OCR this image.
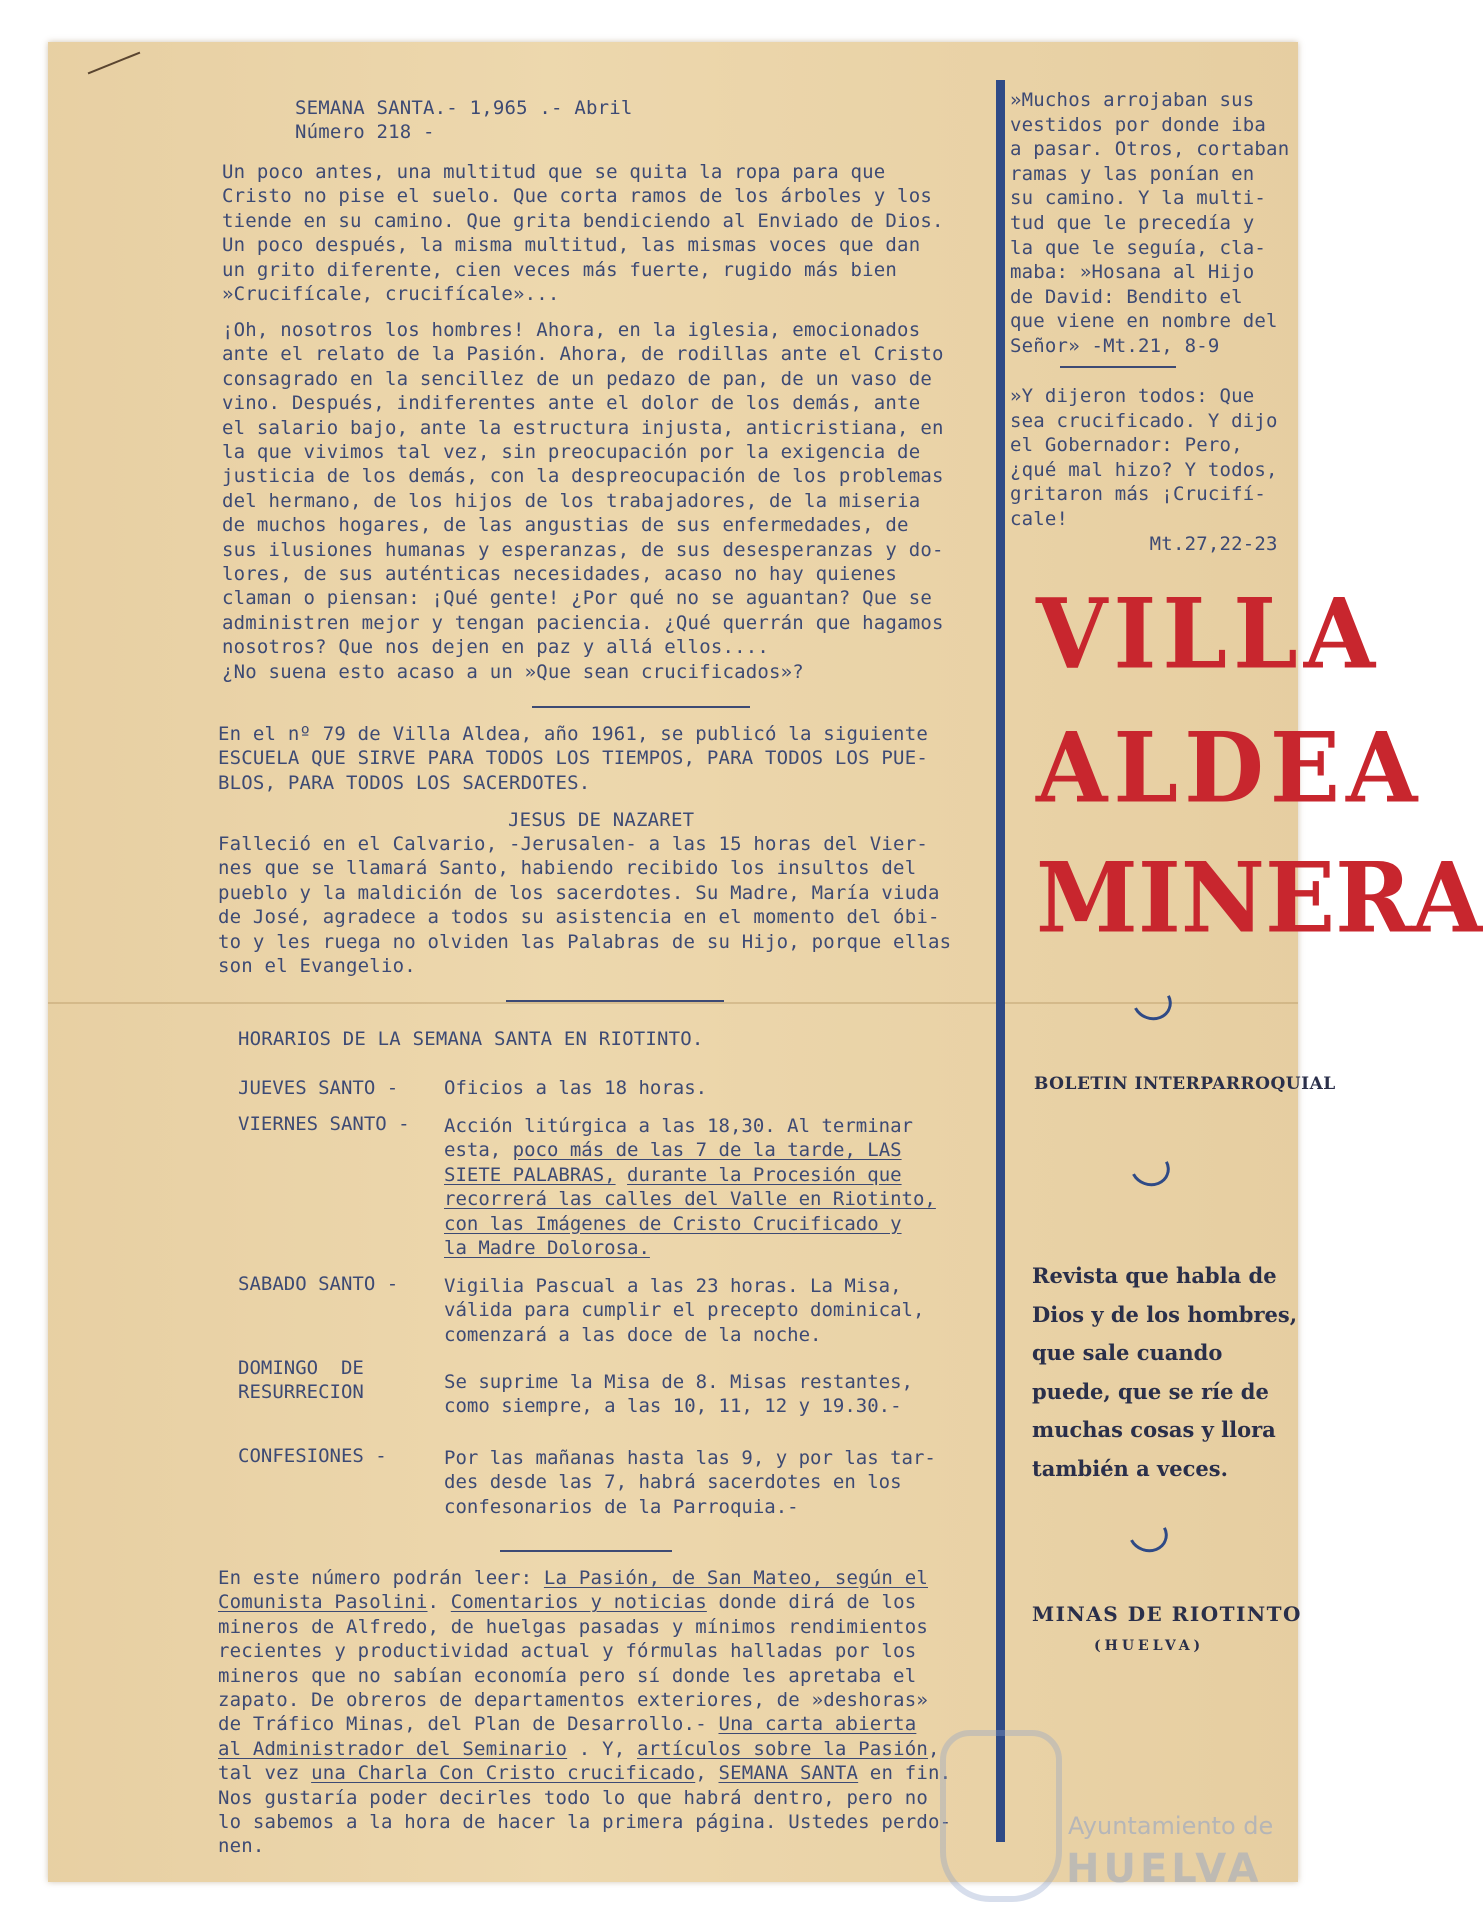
SEMANA SANTA.- 1,965 .- Abril
Número 218 -
Un poco antes, una multitud que se quita la ropa para que
Cristo no pise el suelo. Que corta ramos de los árboles y los
tiende en su camino. Que grita bendiciendo al Enviado de Dios.
Un poco después, la misma multitud, las mismas voces que dan
un grito diferente, cien veces más fuerte, rugido más bien
»Crucifícale, crucifícale»...
¡Oh, nosotros los hombres! Ahora, en la iglesia, emocionados
ante el relato de la Pasión. Ahora, de rodillas ante el Cristo
consagrado en la sencillez de un pedazo de pan, de un vaso de
vino. Después, indiferentes ante el dolor de los demás, ante
el salario bajo, ante la estructura injusta, anticristiana, en
la que vivimos tal vez, sin preocupación por la exigencia de
justicia de los demás, con la despreocupación de los problemas
del hermano, de los hijos de los trabajadores, de la miseria
de muchos hogares, de las angustias de sus enfermedades, de
sus ilusiones humanas y esperanzas, de sus desesperanzas y do-
lores, de sus auténticas necesidades, acaso no hay quienes
claman o piensan: ¡Qué gente! ¿Por qué no se aguantan? Que se
administren mejor y tengan paciencia. ¿Qué querrán que hagamos
nosotros? Que nos dejen en paz y allá ellos....
¿No suena esto acaso a un »Que sean crucificados»?
En el nº 79 de Villa Aldea, año 1961, se publicó la siguiente
ESCUELA QUE SIRVE PARA TODOS LOS TIEMPOS, PARA TODOS LOS PUE-
BLOS, PARA TODOS LOS SACERDOTES.
JESUS DE NAZARET
Falleció en el Calvario, -Jerusalen- a las 15 horas del Vier-
nes que se llamará Santo, habiendo recibido los insultos del
pueblo y la maldición de los sacerdotes. Su Madre, María viuda
de José, agradece a todos su asistencia en el momento del óbi-
to y les ruega no olviden las Palabras de su Hijo, porque ellas
son el Evangelio.
HORARIOS DE LA SEMANA SANTA EN RIOTINTO.
JUEVES SANTO - Oficios a las 18 horas.
VIERNES SANTO - Acción litúrgica a las 18,30. Al terminar
esta, poco más de las 7 de la tarde, LAS
SIETE PALABRAS, durante la Procesión que
recorrerá las calles del Valle en Riotinto,
con las Imágenes de Cristo Crucificado y
la Madre Dolorosa.
SABADO SANTO - Vigilia Pascual a las 23 horas. La Misa,
válida para cumplir el precepto dominical,
comenzará a las doce de la noche.
DOMINGO  DE
RESURRECION	Se suprime la Misa de 8. Misas restantes,
como siempre, a las 10, 11, 12 y 19.30.-
CONFESIONES -	Por las mañanas hasta las 9, y por las tar-
des desde las 7, habrá sacerdotes en los
confesonarios de la Parroquia.-
En este número podrán leer: La Pasión, de San Mateo, según el
Comunista Pasolini. Comentarios y noticias donde dirá de los
mineros de Alfredo, de huelgas pasadas y mínimos rendimientos
recientes y productividad actual y fórmulas halladas por los
mineros que no sabían economía pero sí donde les apretaba el
zapato. De obreros de departamentos exteriores, de »deshoras»
de Tráfico Minas, del Plan de Desarrollo.- Una carta abierta
al Administrador del Seminario . Y, artículos sobre la Pasión,
tal vez una Charla Con Cristo crucificado, SEMANA SANTA en fin.
Nos gustaría poder decirles todo lo que habrá dentro, pero no
lo sabemos a la hora de hacer la primera página. Ustedes perdo-
nen.
»Muchos arrojaban sus
vestidos por donde iba
a pasar. Otros, cortaban
ramas y las ponían en
su camino. Y la multi-
tud que le precedía y
la que le seguía, cla-
maba: »Hosana al Hijo
de David: Bendito el
que viene en nombre del
Señor» -Mt.21, 8-9
»Y dijeron todos: Que
sea crucificado. Y dijo
el Gobernador: Pero,
¿qué mal hizo? Y todos,
gritaron más ¡Crucifí-
cale!
Mt.27,22-23
VILLA
ALDEA
MINERA
BOLETIN INTERPARROQUIAL
Revista que habla de
Dios y de los hombres,
que sale cuando
puede, que se ríe de
muchas cosas y llora
también a veces.
MINAS DE RIOTINTO
(HUELVA)
Ayuntamiento de
HUELVA
